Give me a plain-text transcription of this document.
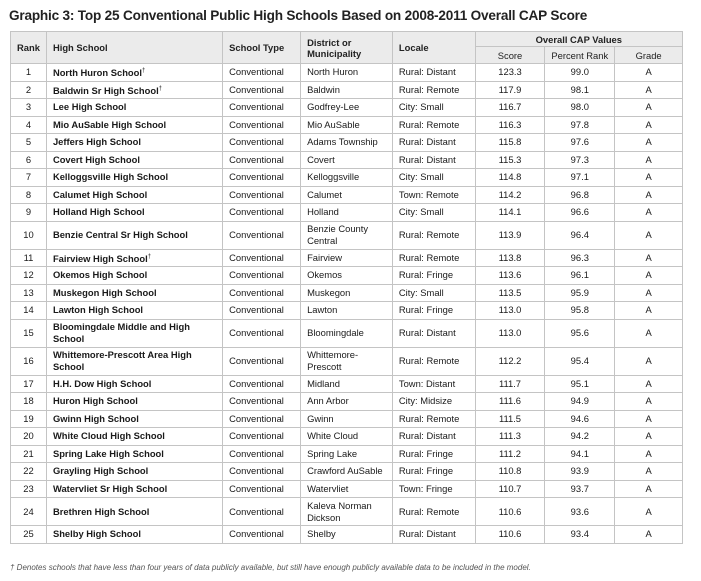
Graphic 3: Top 25 Conventional Public High Schools Based on 2008-2011 Overall CAP Score
Rank	High School	School Type	District or Municipality	Locale	Overall CAP Values		
					Score	Percent Rank	Grade
1	North Huron School†	Conventional	North Huron	Rural: Distant	123.3	99.0	A
2	Baldwin Sr High School†	Conventional	Baldwin	Rural: Remote	117.9	98.1	A
3	Lee High School	Conventional	Godfrey-Lee	City: Small	116.7	98.0	A
4	Mio AuSable High School	Conventional	Mio AuSable	Rural: Remote	116.3	97.8	A
5	Jeffers High School	Conventional	Adams Township	Rural: Distant	115.8	97.6	A
6	Covert High School	Conventional	Covert	Rural: Distant	115.3	97.3	A
7	Kelloggsville High School	Conventional	Kelloggsville	City: Small	114.8	97.1	A
8	Calumet High School	Conventional	Calumet	Town: Remote	114.2	96.8	A
9	Holland High School	Conventional	Holland	City: Small	114.1	96.6	A
10	Benzie Central Sr High School	Conventional	Benzie County Central	Rural: Remote	113.9	96.4	A
11	Fairview High School†	Conventional	Fairview	Rural: Remote	113.8	96.3	A
12	Okemos High School	Conventional	Okemos	Rural: Fringe	113.6	96.1	A
13	Muskegon High School	Conventional	Muskegon	City: Small	113.5	95.9	A
14	Lawton High School	Conventional	Lawton	Rural: Fringe	113.0	95.8	A
15	Bloomingdale Middle and High School	Conventional	Bloomingdale	Rural: Distant	113.0	95.6	A
16	Whittemore-Prescott Area High School	Conventional	Whittemore-Prescott	Rural: Remote	112.2	95.4	A
17	H.H. Dow High School	Conventional	Midland	Town: Distant	111.7	95.1	A
18	Huron High School	Conventional	Ann Arbor	City: Midsize	111.6	94.9	A
19	Gwinn High School	Conventional	Gwinn	Rural: Remote	111.5	94.6	A
20	White Cloud High School	Conventional	White Cloud	Rural: Distant	111.3	94.2	A
21	Spring Lake High School	Conventional	Spring Lake	Rural: Fringe	111.2	94.1	A
22	Grayling High School	Conventional	Crawford AuSable	Rural: Fringe	110.8	93.9	A
23	Watervliet Sr High School	Conventional	Watervliet	Town: Fringe	110.7	93.7	A
24	Brethren High School	Conventional	Kaleva Norman Dickson	Rural: Remote	110.6	93.6	A
25	Shelby High School	Conventional	Shelby	Rural: Distant	110.6	93.4	A
† Denotes schools that have less than four years of data publicly available, but still have enough publicly available data to be included in the model.
